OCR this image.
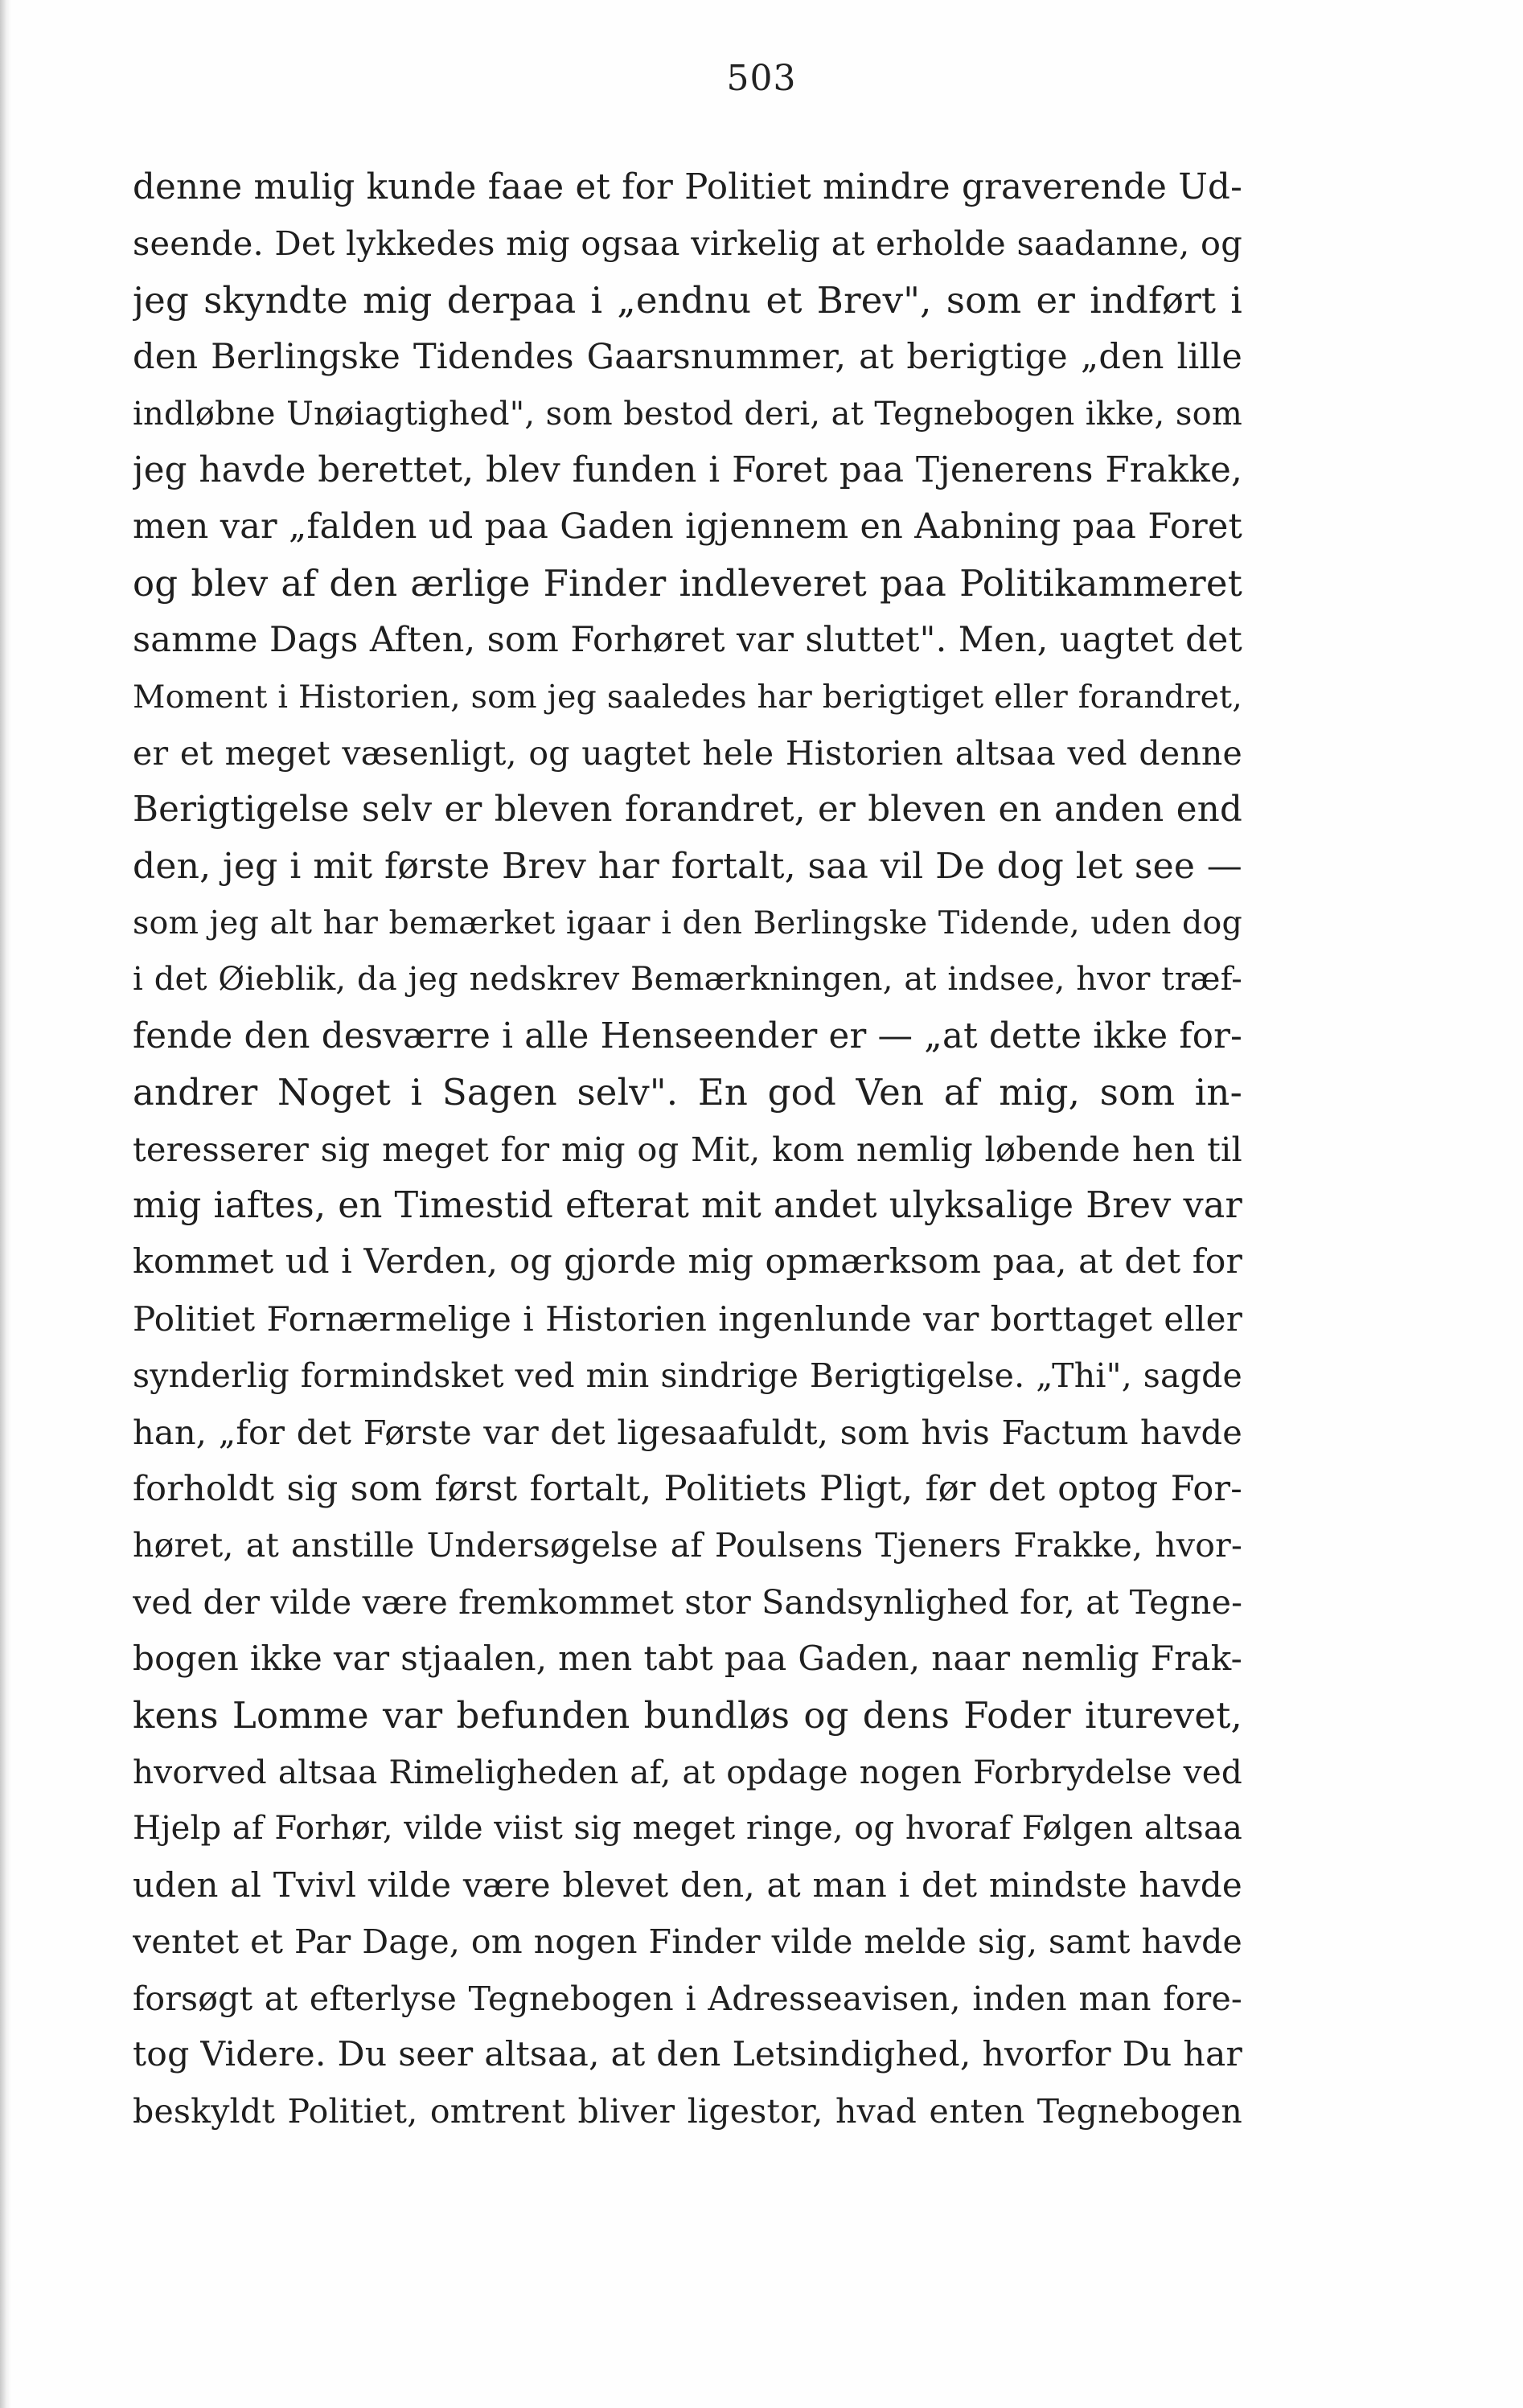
503
denne mulig kunde faae et for Politiet mindre graverende Ud-
seende. Det lykkedes mig ogsaa virkelig at erholde saadanne, og
jeg skyndte mig derpaa i „endnu et Brev", som er indført i
den Berlingske Tidendes Gaarsnummer, at berigtige „den lille
indløbne Unøiagtighed", som bestod deri, at Tegnebogen ikke, som
jeg havde berettet, blev funden i Foret paa Tjenerens Frakke,
men var „falden ud paa Gaden igjennem en Aabning paa Foret
og blev af den ærlige Finder indleveret paa Politikammeret
samme Dags Aften, som Forhøret var sluttet". Men, uagtet det
Moment i Historien, som jeg saaledes har berigtiget eller forandret,
er et meget væsenligt, og uagtet hele Historien altsaa ved denne
Berigtigelse selv er bleven forandret, er bleven en anden end
den, jeg i mit første Brev har fortalt, saa vil De dog let see —
som jeg alt har bemærket igaar i den Berlingske Tidende, uden dog
i det Øieblik, da jeg nedskrev Bemærkningen, at indsee, hvor træf-
fende den desværre i alle Henseender er — „at dette ikke for-
andrer Noget i Sagen selv". En god Ven af mig, som in-
teresserer sig meget for mig og Mit, kom nemlig løbende hen til
mig iaftes, en Timestid efterat mit andet ulyksalige Brev var
kommet ud i Verden, og gjorde mig opmærksom paa, at det for
Politiet Fornærmelige i Historien ingenlunde var borttaget eller
synderlig formindsket ved min sindrige Berigtigelse. „Thi", sagde
han, „for det Første var det ligesaafuldt, som hvis Factum havde
forholdt sig som først fortalt, Politiets Pligt, før det optog For-
høret, at anstille Undersøgelse af Poulsens Tjeners Frakke, hvor-
ved der vilde være fremkommet stor Sandsynlighed for, at Tegne-
bogen ikke var stjaalen, men tabt paa Gaden, naar nemlig Frak-
kens Lomme var befunden bundløs og dens Foder iturevet,
hvorved altsaa Rimeligheden af, at opdage nogen Forbrydelse ved
Hjelp af Forhør, vilde viist sig meget ringe, og hvoraf Følgen altsaa
uden al Tvivl vilde være blevet den, at man i det mindste havde
ventet et Par Dage, om nogen Finder vilde melde sig, samt havde
forsøgt at efterlyse Tegnebogen i Adresseavisen, inden man fore-
tog Videre. Du seer altsaa, at den Letsindighed, hvorfor Du har
beskyldt Politiet, omtrent bliver ligestor, hvad enten Tegnebogen
